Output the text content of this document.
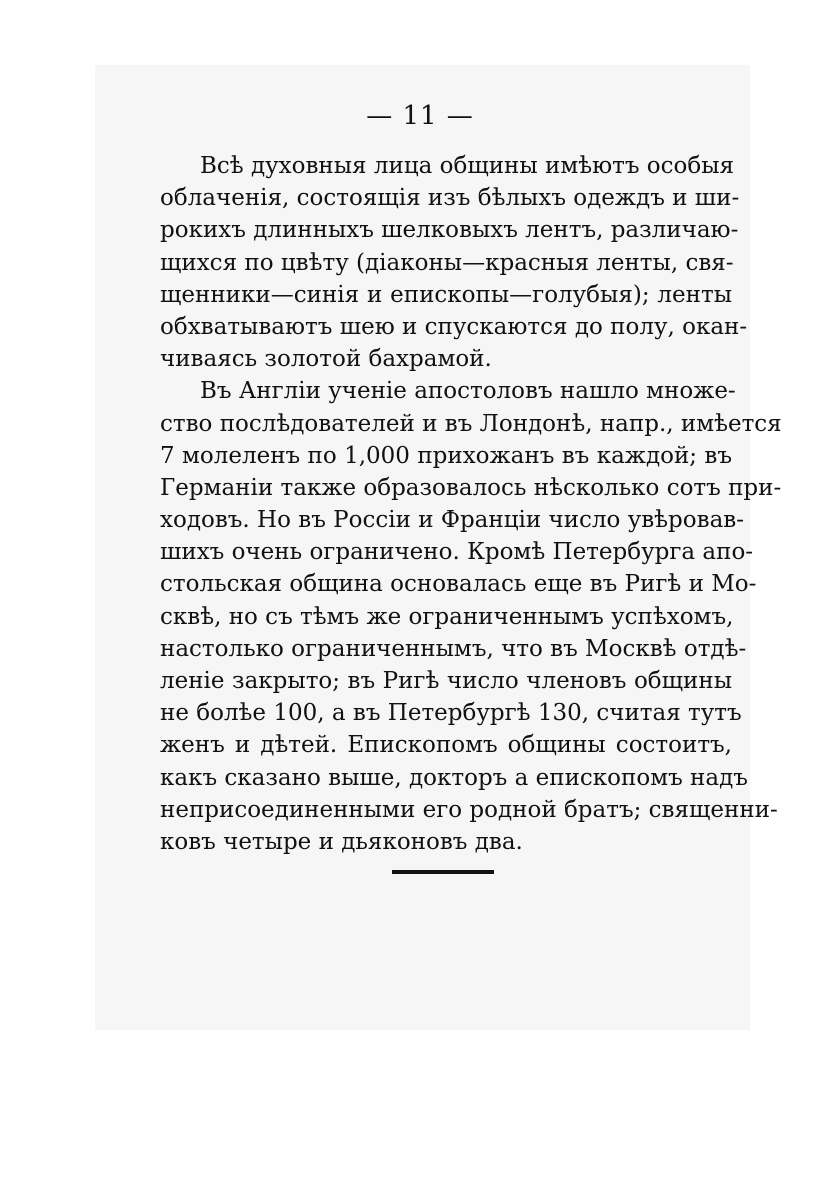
— 11 —
Всѣ духовныя лица общины имѣютъ особыя
облаченія, состоящія изъ бѣлыхъ одеждъ и ши-
рокихъ длинныхъ шелковыхъ лентъ, различаю-
щихся по цвѣту (діаконы—красныя ленты, свя-
щенники—синія и епископы—голубыя); ленты
обхватываютъ шею и спускаются до полу, окан-
чиваясь золотой бахрамой.
Въ Англіи ученіе апостоловъ нашло множе-
ство послѣдователей и въ Лондонѣ, напр., имѣется
7 молеленъ по 1,000 прихожанъ въ каждой; въ
Германіи также образовалось нѣсколько сотъ при-
ходовъ. Но въ Россіи и Франціи число увѣровав-
шихъ очень ограничено. Кромѣ Петербурга апо-
стольская община основалась еще въ Ригѣ и Мо-
сквѣ, но съ тѣмъ же ограниченнымъ успѣхомъ,
настолько ограниченнымъ, что въ Москвѣ отдѣ-
леніе закрыто; въ Ригѣ число членовъ общины
не болѣе 100, а въ Петербургѣ 130, считая тутъ
женъ и дѣтей. Епископомъ общины состоитъ,
какъ сказано выше, докторъ а епископомъ надъ
неприсоединенными его родной братъ; священни-
ковъ четыре и дьяконовъ два.
